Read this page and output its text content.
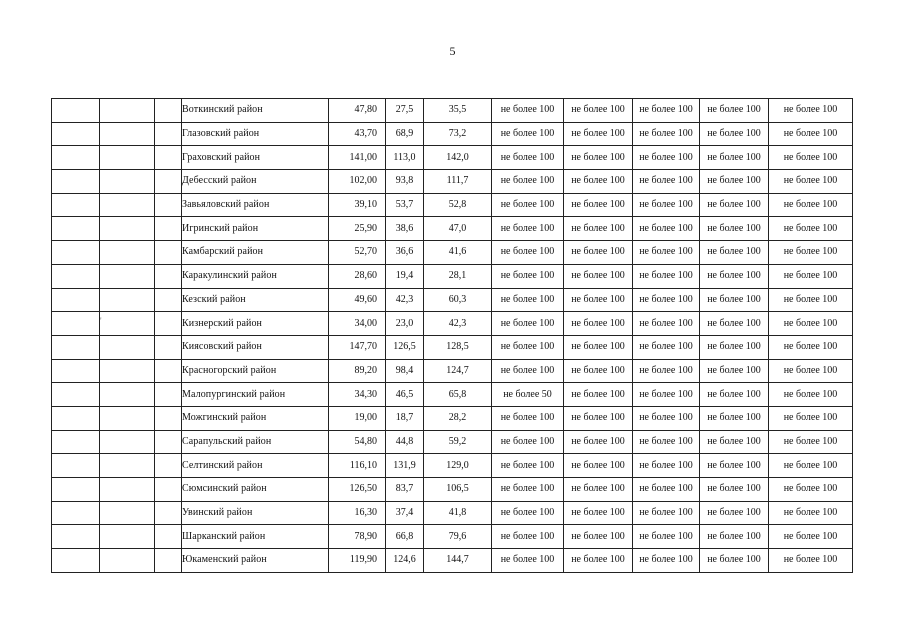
5
			Воткинский район	47,80	27,5	35,5	не более 100	не более 100	не более 100	не более 100	не более 100
			Глазовский район	43,70	68,9	73,2	не более 100	не более 100	не более 100	не более 100	не более 100
			Граховский район	141,00	113,0	142,0	не более 100	не более 100	не более 100	не более 100	не более 100
			Дебесский район	102,00	93,8	111,7	не более 100	не более 100	не более 100	не более 100	не более 100
			Завьяловский район	39,10	53,7	52,8	не более 100	не более 100	не более 100	не более 100	не более 100
			Игринский район	25,90	38,6	47,0	не более 100	не более 100	не более 100	не более 100	не более 100
			Камбарский район	52,70	36,6	41,6	не более 100	не более 100	не более 100	не более 100	не более 100
			Каракулинский район	28,60	19,4	28,1	не более 100	не более 100	не более 100	не более 100	не более 100
			Кезский район	49,60	42,3	60,3	не более 100	не более 100	не более 100	не более 100	не более 100
			Кизнерский район	34,00	23,0	42,3	не более 100	не более 100	не более 100	не более 100	не более 100
			Киясовский район	147,70	126,5	128,5	не более 100	не более 100	не более 100	не более 100	не более 100
			Красногорский район	89,20	98,4	124,7	не более 100	не более 100	не более 100	не более 100	не более 100
			Малопургинский район	34,30	46,5	65,8	не более 50	не более 100	не более 100	не более 100	не более 100
			Можгинский район	19,00	18,7	28,2	не более 100	не более 100	не более 100	не более 100	не более 100
			Сарапульский район	54,80	44,8	59,2	не более 100	не более 100	не более 100	не более 100	не более 100
			Селтинский район	116,10	131,9	129,0	не более 100	не более 100	не более 100	не более 100	не более 100
			Сюмсинский район	126,50	83,7	106,5	не более 100	не более 100	не более 100	не более 100	не более 100
			Увинский район	16,30	37,4	41,8	не более 100	не более 100	не более 100	не более 100	не более 100
			Шарканский район	78,90	66,8	79,6	не более 100	не более 100	не более 100	не более 100	не более 100
			Юкаменский район	119,90	124,6	144,7	не более 100	не более 100	не более 100	не более 100	не более 100
'
